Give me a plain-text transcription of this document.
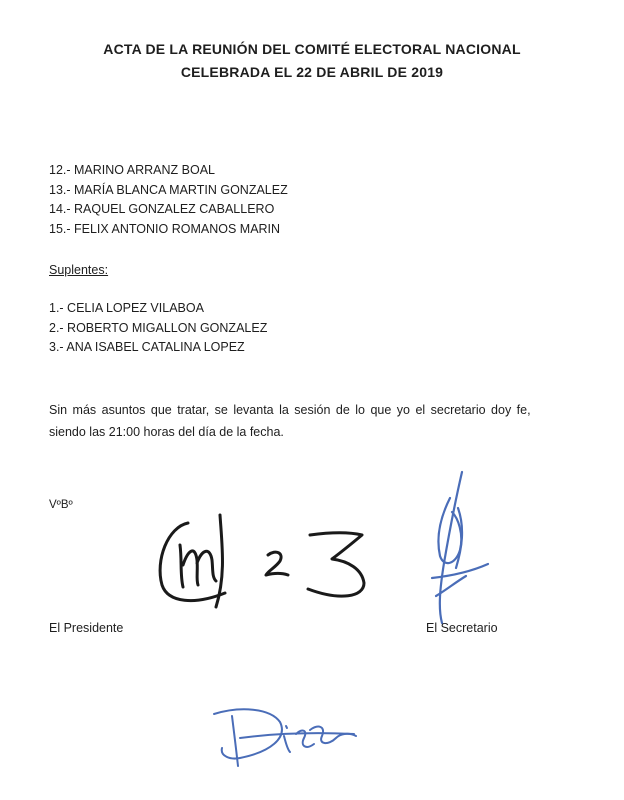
ACTA DE LA REUNIÓN DEL COMITÉ ELECTORAL NACIONAL
CELEBRADA EL 22 DE ABRIL DE 2019
12.- MARINO ARRANZ BOAL
13.- MARÍA BLANCA MARTIN GONZALEZ
14.- RAQUEL GONZALEZ CABALLERO
15.- FELIX ANTONIO ROMANOS MARIN
Suplentes:
1.- CELIA LOPEZ VILABOA
2.- ROBERTO MIGALLON GONZALEZ
3.- ANA ISABEL CATALINA LOPEZ
Sin más asuntos que tratar, se levanta la sesión de lo que yo el secretario doy fe,
siendo las 21:00 horas del día de la fecha.
VºBº
El Presidente	El Secretario
